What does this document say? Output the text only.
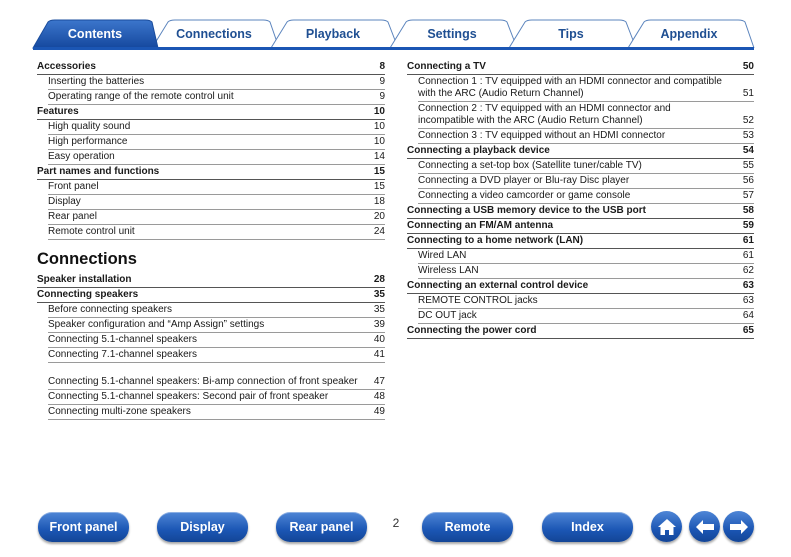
Contents	Connections	Playback	Settings	Tips	Appendix
Accessories	8
Inserting the batteries	9
Operating range of the remote control unit	9
Features	10
High quality sound	10
High performance	10
Easy operation	14
Part names and functions	15
Front panel	15
Display	18
Rear panel	20
Remote control unit	24
Connections
Speaker installation	28
Connecting speakers	35
Before connecting speakers	35
Speaker configuration and “Amp Assign” settings	39
Connecting 5.1-channel speakers	40
Connecting 7.1-channel speakers	41
Connecting 5.1-channel speakers: Bi-amp connection of front speaker	47
Connecting 5.1-channel speakers: Second pair of front speaker	48
Connecting multi-zone speakers	49
Connecting a TV	50
Connection 1 : TV equipped with an HDMI connector and compatible with the ARC (Audio Return Channel)	51
Connection 2 : TV equipped with an HDMI connector and incompatible with the ARC (Audio Return Channel)	52
Connection 3 : TV equipped without an HDMI connector	53
Connecting a playback device	54
Connecting a set-top box (Satellite tuner/cable TV)	55
Connecting a DVD player or Blu-ray Disc player	56
Connecting a video camcorder or game console	57
Connecting a USB memory device to the USB port	58
Connecting an FM/AM antenna	59
Connecting to a home network (LAN)	61
Wired LAN	61
Wireless LAN	62
Connecting an external control device	63
REMOTE CONTROL jacks	63
DC OUT jack	64
Connecting the power cord	65
Front panel	Display	Rear panel	2	Remote	Index
